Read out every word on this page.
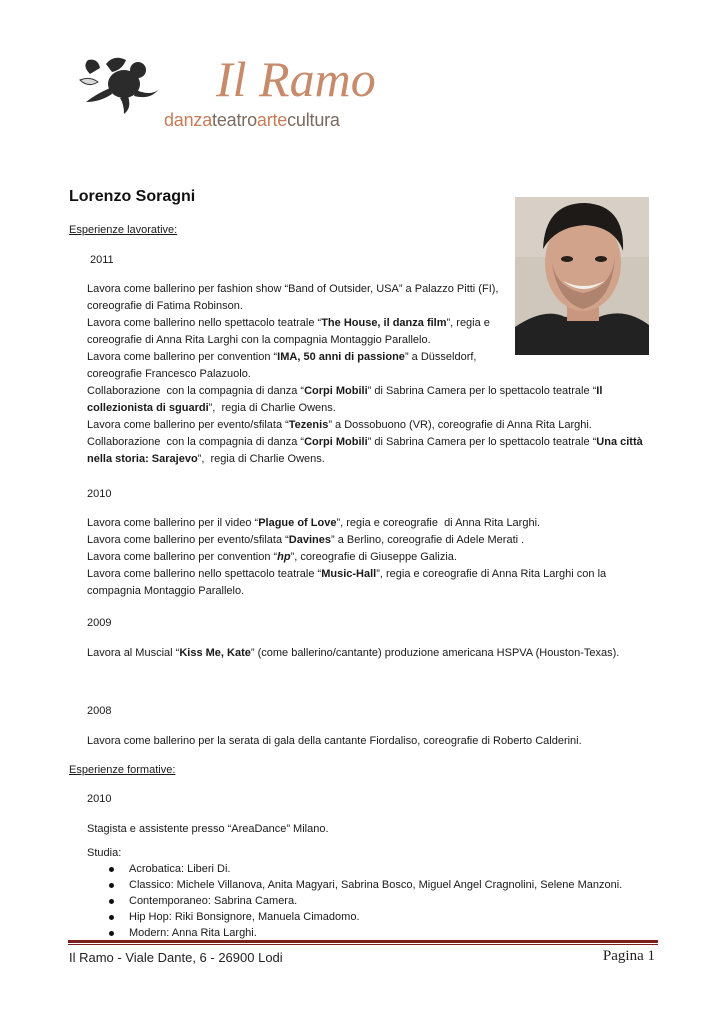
Il Ramo
danzateatroartecultura
Lorenzo Soragni
Esperienze lavorative:
2011

Lavora come ballerino per fashion show “Band of Outsider, USA” a Palazzo Pitti (FI), coreografie di Fatima Robinson.

Lavora come ballerino nello spettacolo teatrale “The House, il danza film”, regia e coreografie di Anna Rita Larghi con la compagnia Montaggio Parallelo.

Lavora come ballerino per convention “IMA, 50 anni di passione” a Düsseldorf, coreografie Francesco Palazuolo.

Collaborazione  con la compagnia di danza “Corpi Mobili” di Sabrina Camera per lo spettacolo teatrale “Il collezionista di sguardi”,  regia di Charlie Owens.

Lavora come ballerino per evento/sfilata “Tezenis” a Dossobuono (VR), coreografie di Anna Rita Larghi.

Collaborazione  con la compagnia di danza “Corpi Mobili” di Sabrina Camera per lo spettacolo teatrale “Una città nella storia: Sarajevo”,  regia di Charlie Owens.

2010

Lavora come ballerino per il video “Plague of Love”, regia e coreografie  di Anna Rita Larghi.

Lavora come ballerino per evento/sfilata “Davines” a Berlino, coreografie di Adele Merati .

Lavora come ballerino per convention “hp”, coreografie di Giuseppe Galizia.

Lavora come ballerino nello spettacolo teatrale “Music-Hall”, regia e coreografie di Anna Rita Larghi con la compagnia Montaggio Parallelo.

2009

Lavora al Muscial “Kiss Me, Kate” (come ballerino/cantante) produzione americana HSPVA (Houston-Texas).

2008

Lavora come ballerino per la serata di gala della cantante Fiordaliso, coreografie di Roberto Calderini.

Esperienze formative:
2010
Stagista e assistente presso “AreaDance” Milano.

Studia:

Acrobatica: Liberi Di.
Classico: Michele Villanova, Anita Magyari, Sabrina Bosco, Miguel Angel Cragnolini, Selene Manzoni.
Contemporaneo: Sabrina Camera.
Hip Hop: Riki Bonsignore, Manuela Cimadomo.
Modern: Anna Rita Larghi.
Il Ramo - Viale Dante, 6 - 26900 Lodi	Pagina 1
